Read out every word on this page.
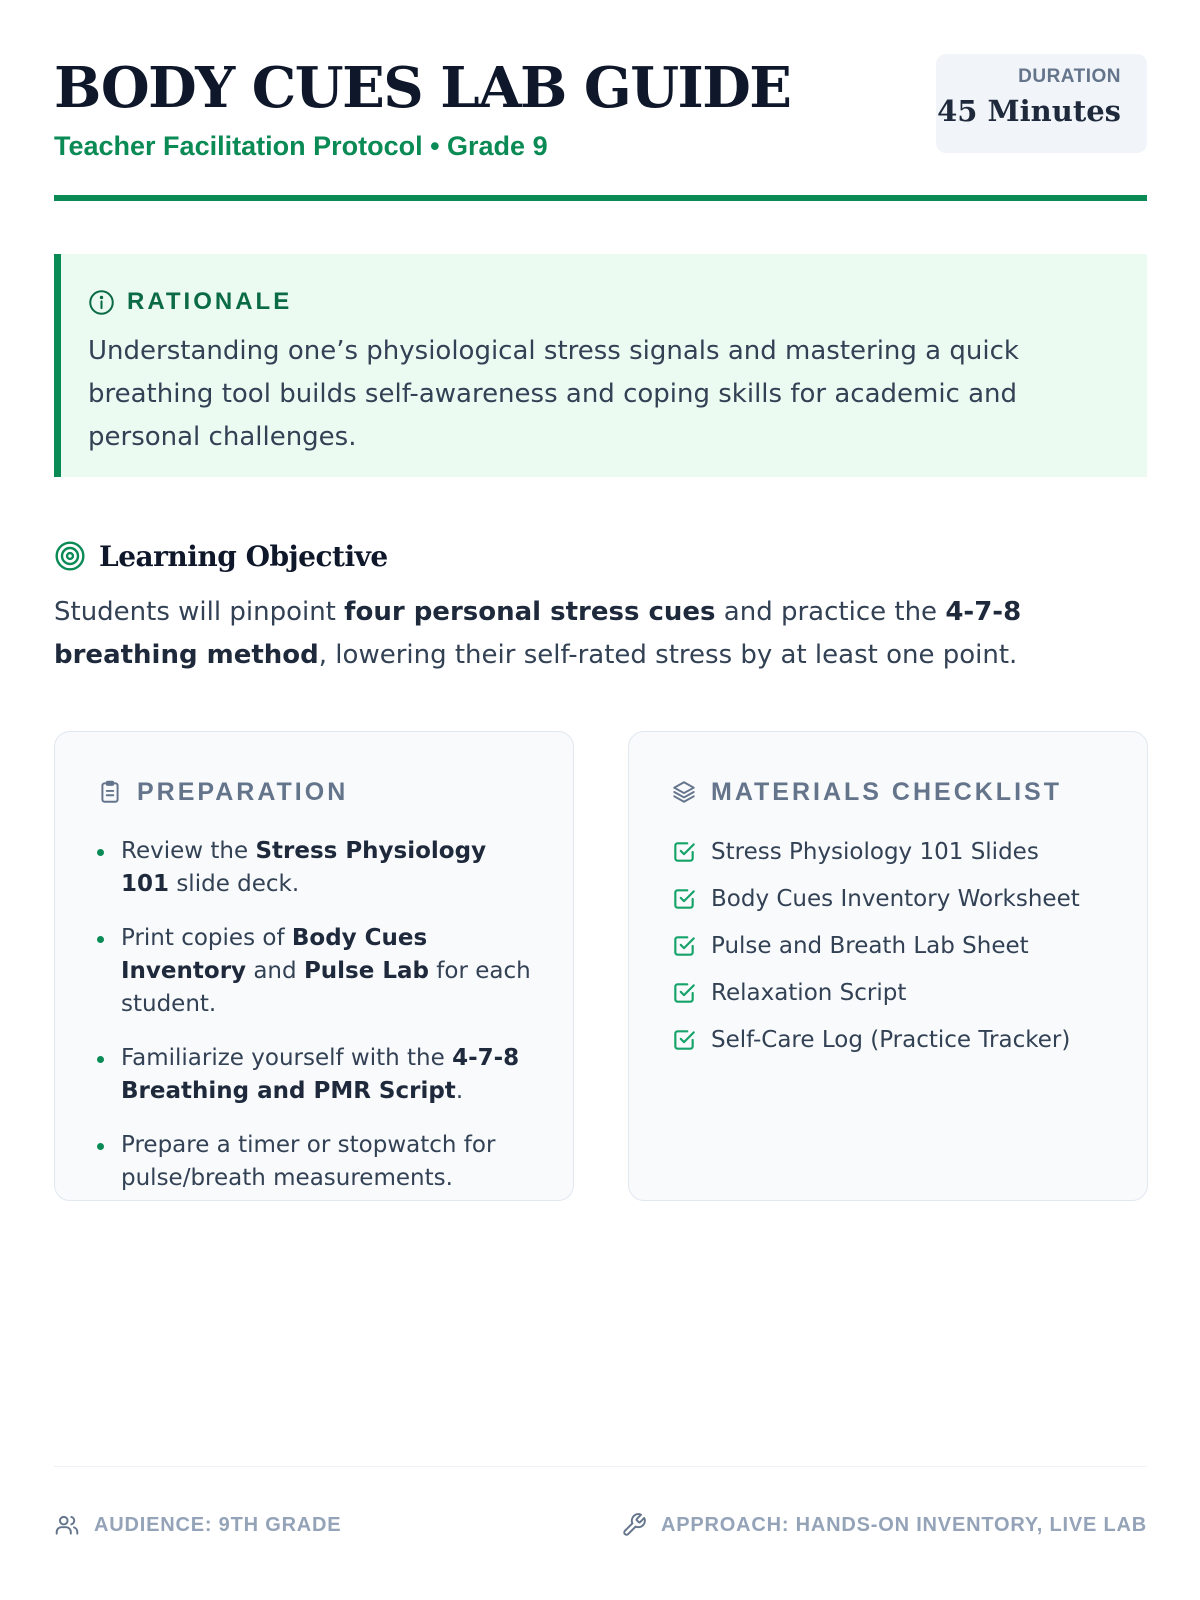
BODY CUES LAB GUIDE
Teacher Facilitation Protocol • Grade 9
DURATION
45 Minutes
RATIONALE

Understanding one’s physiological stress signals and mastering a quick breathing tool builds self-awareness and coping skills for academic and personal challenges.

Learning Objective

Students will pinpoint four personal stress cues and practice the 4-7-8 breathing method, lowering their self-rated stress by at least one point.

PREPARATION
Review the Stress Physiology 101 slide deck.
Print copies of Body Cues Inventory and Pulse Lab for each student.
Familiarize yourself with the 4-7-8 Breathing and PMR Script.
Prepare a timer or stopwatch for pulse/breath measurements.
MATERIALS CHECKLIST
Stress Physiology 101 Slides
Body Cues Inventory Worksheet
Pulse and Breath Lab Sheet
Relaxation Script
Self-Care Log (Practice Tracker)
AUDIENCE: 9TH GRADE	APPROACH: HANDS-ON INVENTORY, LIVE LAB
